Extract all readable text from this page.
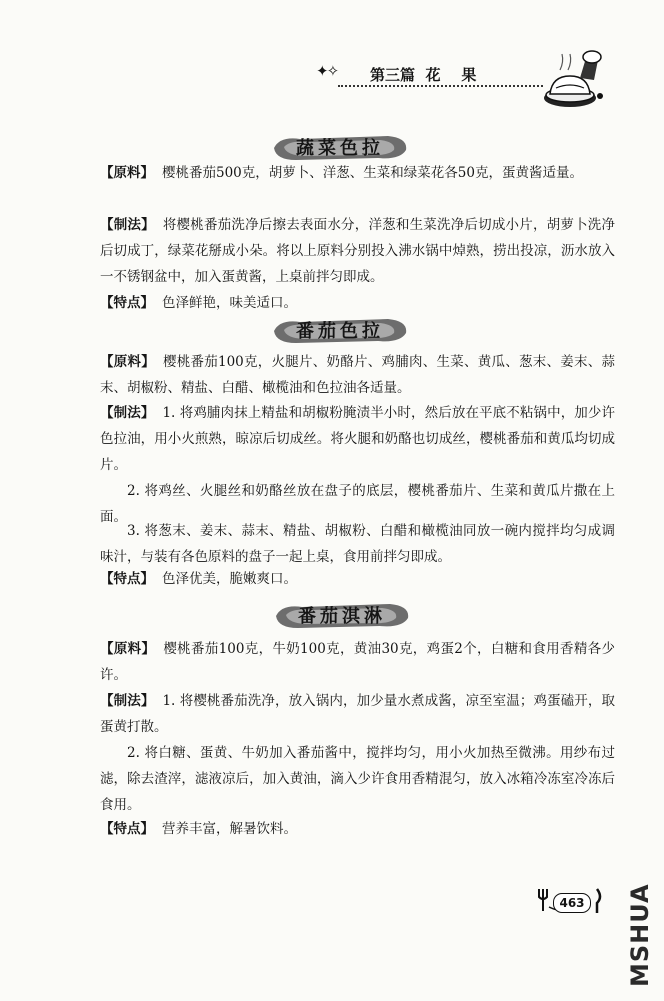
✦✧ 第三篇  花    果
蔬菜色拉
【原料】 樱桃番茄500克，胡萝卜、洋葱、生菜和绿菜花各50克，蛋黄酱适量。
【制法】 将樱桃番茄洗净后擦去表面水分，洋葱和生菜洗净后切成小片，胡萝卜洗净后切成丁，绿菜花掰成小朵。将以上原料分别投入沸水锅中焯熟，捞出投凉，沥水放入一不锈钢盆中，加入蛋黄酱，上桌前拌匀即成。
【特点】 色泽鲜艳，味美适口。
番茄色拉
【原料】 樱桃番茄100克，火腿片、奶酪片、鸡脯肉、生菜、黄瓜、葱末、姜末、蒜末、胡椒粉、精盐、白醋、橄榄油和色拉油各适量。
【制法】 1. 将鸡脯肉抹上精盐和胡椒粉腌渍半小时，然后放在平底不粘锅中，加少许色拉油，用小火煎熟，晾凉后切成丝。将火腿和奶酪也切成丝，樱桃番茄和黄瓜均切成片。
2. 将鸡丝、火腿丝和奶酪丝放在盘子的底层，樱桃番茄片、生菜和黄瓜片撒在上面。
3. 将葱末、姜末、蒜末、精盐、胡椒粉、白醋和橄榄油同放一碗内搅拌均匀成调味汁，与装有各色原料的盘子一起上桌，食用前拌匀即成。
【特点】 色泽优美，脆嫩爽口。
番茄淇淋
【原料】 樱桃番茄100克，牛奶100克，黄油30克，鸡蛋2个，白糖和食用香精各少许。
【制法】 1. 将樱桃番茄洗净，放入锅内，加少量水煮成酱，凉至室温；鸡蛋磕开，取蛋黄打散。
2. 将白糖、蛋黄、牛奶加入番茄酱中，搅拌均匀，用小火加热至微沸。用纱布过滤，除去渣滓，滤液凉后，加入黄油，滴入少许食用香精混匀，放入冰箱冷冻室冷冻后食用。
【特点】 营养丰富，解暑饮料。
463 MSHUA
